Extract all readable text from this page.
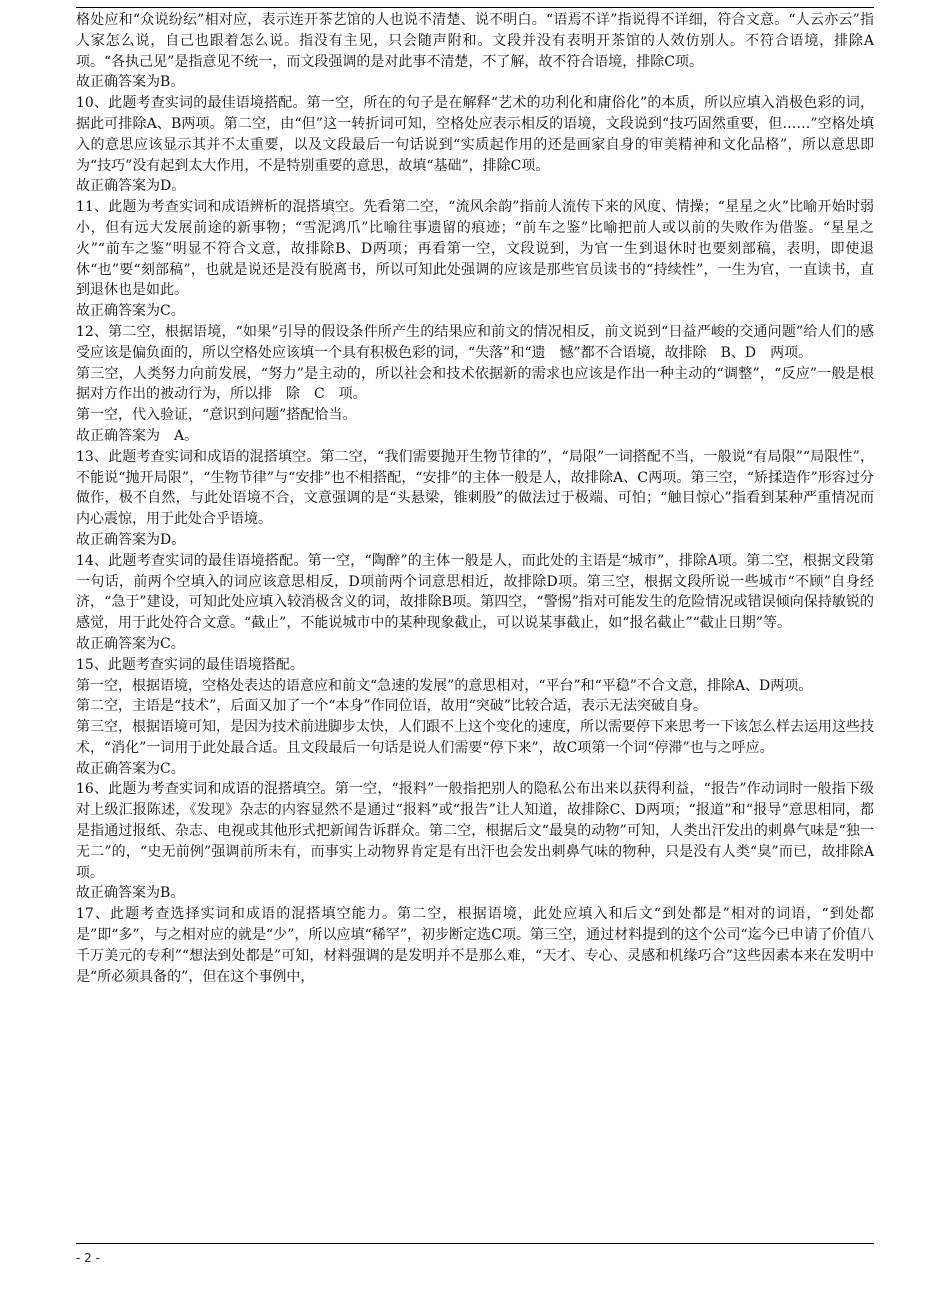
格处应和“众说纷纭”相对应，表示连开茶艺馆的人也说不清楚、说不明白。“语焉不详”指说得不详细，符合文意。“人云亦云”指人家怎么说，自己也跟着怎么说。指没有主见，只会随声附和。文段并没有表明开茶馆的人效仿别人。不符合语境，排除A项。“各执己见”是指意见不统一，而文段强调的是对此事不清楚，不了解，故不符合语境，排除C项。

故正确答案为B。

10、此题考查实词的最佳语境搭配。第一空，所在的句子是在解释“艺术的功利化和庸俗化”的本质，所以应填入消极色彩的词，据此可排除A、B两项。第二空，由“但”这一转折词可知，空格处应表示相反的语境，文段说到“技巧固然重要，但……”空格处填入的意思应该显示其并不太重要，以及文段最后一句话说到“实质起作用的还是画家自身的审美精神和文化品格”，所以意思即为“技巧”没有起到太大作用，不是特别重要的意思，故填“基础”，排除C项。

故正确答案为D。

11、此题为考查实词和成语辨析的混搭填空。先看第二空，“流风余韵”指前人流传下来的风度、情操；“星星之火”比喻开始时弱小，但有远大发展前途的新事物；“雪泥鸿爪”比喻往事遗留的痕迹；“前车之鉴”比喻把前人或以前的失败作为借鉴。“星星之火”“前车之鉴”明显不符合文意，故排除B、D两项；再看第一空，文段说到，为官一生到退休时也要刻部稿，表明，即使退休“也”要“刻部稿”，也就是说还是没有脱离书，所以可知此处强调的应该是那些官员读书的“持续性”，一生为官，一直读书，直到退休也是如此。

故正确答案为C。

12、第二空，根据语境，“如果”引导的假设条件所产生的结果应和前文的情况相反，前文说到“日益严峻的交通问题”给人们的感受应该是偏负面的，所以空格处应该填一个具有积极色彩的词，“失落”和“遗　憾”都不合语境，故排除　B、D　两项。

第三空，人类努力向前发展，“努力”是主动的，所以社会和技术依据新的需求也应该是作出一种主动的“调整”，“反应”一般是根据对方作出的被动行为，所以排　除　C　项。

第一空，代入验证，“意识到问题”搭配恰当。

故正确答案为　A。

13、此题考查实词和成语的混搭填空。第二空，“我们需要抛开生物节律的”，“局限”一词搭配不当，一般说“有局限”“局限性”，不能说“抛开局限”，“生物节律”与“安排”也不相搭配，“安排”的主体一般是人，故排除A、C两项。第三空，“矫揉造作”形容过分做作，极不自然，与此处语境不合，文意强调的是“头悬梁，锥刺股”的做法过于极端、可怕；“触目惊心”指看到某种严重情况而内心震惊，用于此处合乎语境。

故正确答案为D。

14、此题考查实词的最佳语境搭配。第一空，“陶醉”的主体一般是人，而此处的主语是“城市”，排除A项。第二空，根据文段第一句话，前两个空填入的词应该意思相反，D项前两个词意思相近，故排除D项。第三空，根据文段所说一些城市“不顾”自身经济，“急于”建设，可知此处应填入较消极含义的词，故排除B项。第四空，“警惕”指对可能发生的危险情况或错误倾向保持敏锐的感觉，用于此处符合文意。“截止”，不能说城市中的某种现象截止，可以说某事截止，如“报名截止”“截止日期”等。

故正确答案为C。

15、此题考查实词的最佳语境搭配。

第一空，根据语境，空格处表达的语意应和前文“急速的发展”的意思相对，“平台”和“平稳”不合文意，排除A、D两项。

第二空，主语是“技术”，后面又加了一个“本身”作同位语，故用“突破”比较合适，表示无法突破自身。

第三空，根据语境可知，是因为技术前进脚步太快，人们跟不上这个变化的速度，所以需要停下来思考一下该怎么样去运用这些技术，“消化”一词用于此处最合适。且文段最后一句话是说人们需要“停下来”，故C项第一个词“停滞”也与之呼应。

故正确答案为C。

16、此题为考查实词和成语的混搭填空。第一空，“报料”一般指把别人的隐私公布出来以获得利益，“报告”作动词时一般指下级对上级汇报陈述，《发现》杂志的内容显然不是通过“报料”或“报告”让人知道，故排除C、D两项；“报道”和“报导”意思相同，都是指通过报纸、杂志、电视或其他形式把新闻告诉群众。第二空，根据后文“最臭的动物”可知，人类出汗发出的刺鼻气味是“独一无二”的，“史无前例”强调前所未有，而事实上动物界肯定是有出汗也会发出刺鼻气味的物种，只是没有人类“臭”而已，故排除A项。

故正确答案为B。

17、此题考查选择实词和成语的混搭填空能力。第二空，根据语境，此处应填入和后文“到处都是”相对的词语，“到处都是”即“多”，与之相对应的就是“少”，所以应填“稀罕”，初步断定选C项。第三空，通过材料提到的这个公司“迄今已申请了价值八千万美元的专利”“想法到处都是”可知，材料强调的是发明并不是那么难，“天才、专心、灵感和机缘巧合”这些因素本来在发明中是“所必须具备的”，但在这个事例中，

- 2 -
